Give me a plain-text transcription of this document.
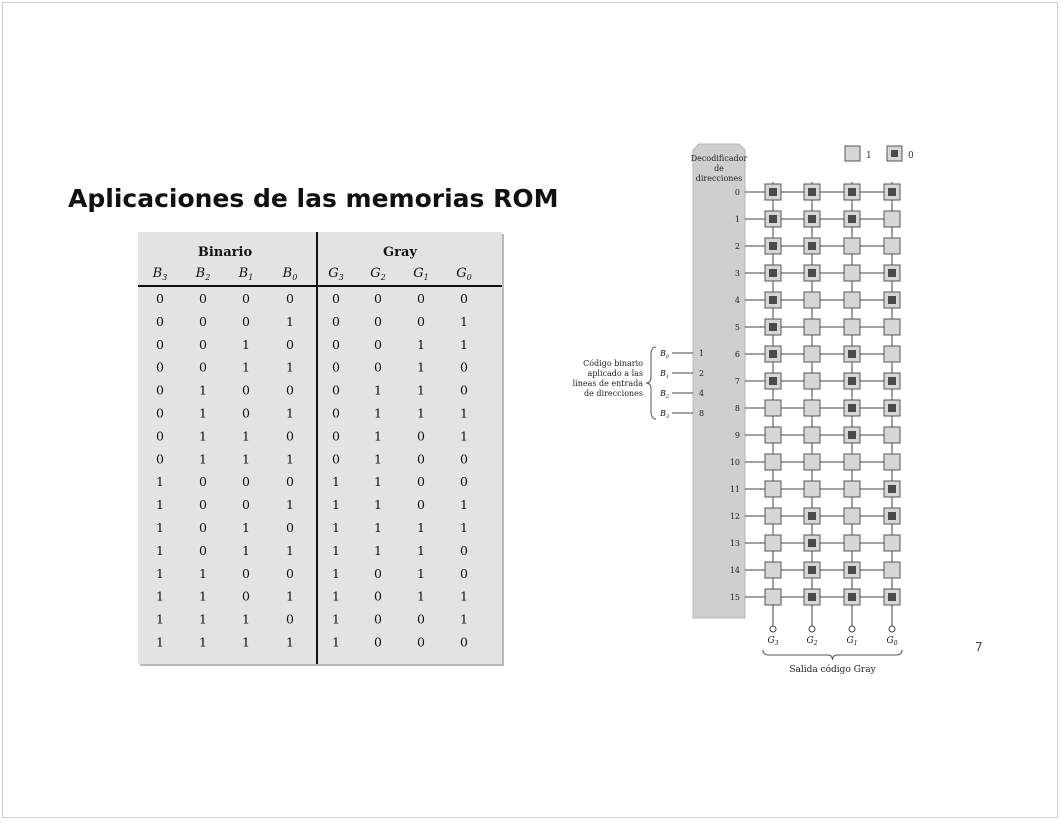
Aplicaciones de las memorias ROM
Binario	Gray
$B_3$ $B_2$ $B_1$ $B_0$ $G_3$ $G_2$ $G_1$ $G_0$
0	0	0	0	0	0	0	0
0	0	0	1	0	0	0	1
0	0	1	0	0	0	1	1
0	0	1	1	0	0	1	0
0	1	0	0	0	1	1	0
0	1	0	1	0	1	1	1
0	1	1	0	0	1	0	1
0	1	1	1	0	1	0	0
1	0	0	0	1	1	0	0
1	0	0	1	1	1	0	1
1	0	1	0	1	1	1	1
1	0	1	1	1	1	1	0
1	1	0	0	1	0	1	0
1	1	0	1	1	0	1	1
1	1	1	0	1	0	0	1
1	1	1	1	1	0	0	0
1	0
Decodificador
de
direcciones
0
1
2
3
4
5
6
7
8
9
10
11
12
13
14
15
$G_3$	$G_2$	$G_1$	$G_0$
Salida código Gray
$B_0$	1
$B_1$	2
$B_2$	4
$B_3$	8
Código binario
aplicado a las
líneas de entrada
de direcciones
7
